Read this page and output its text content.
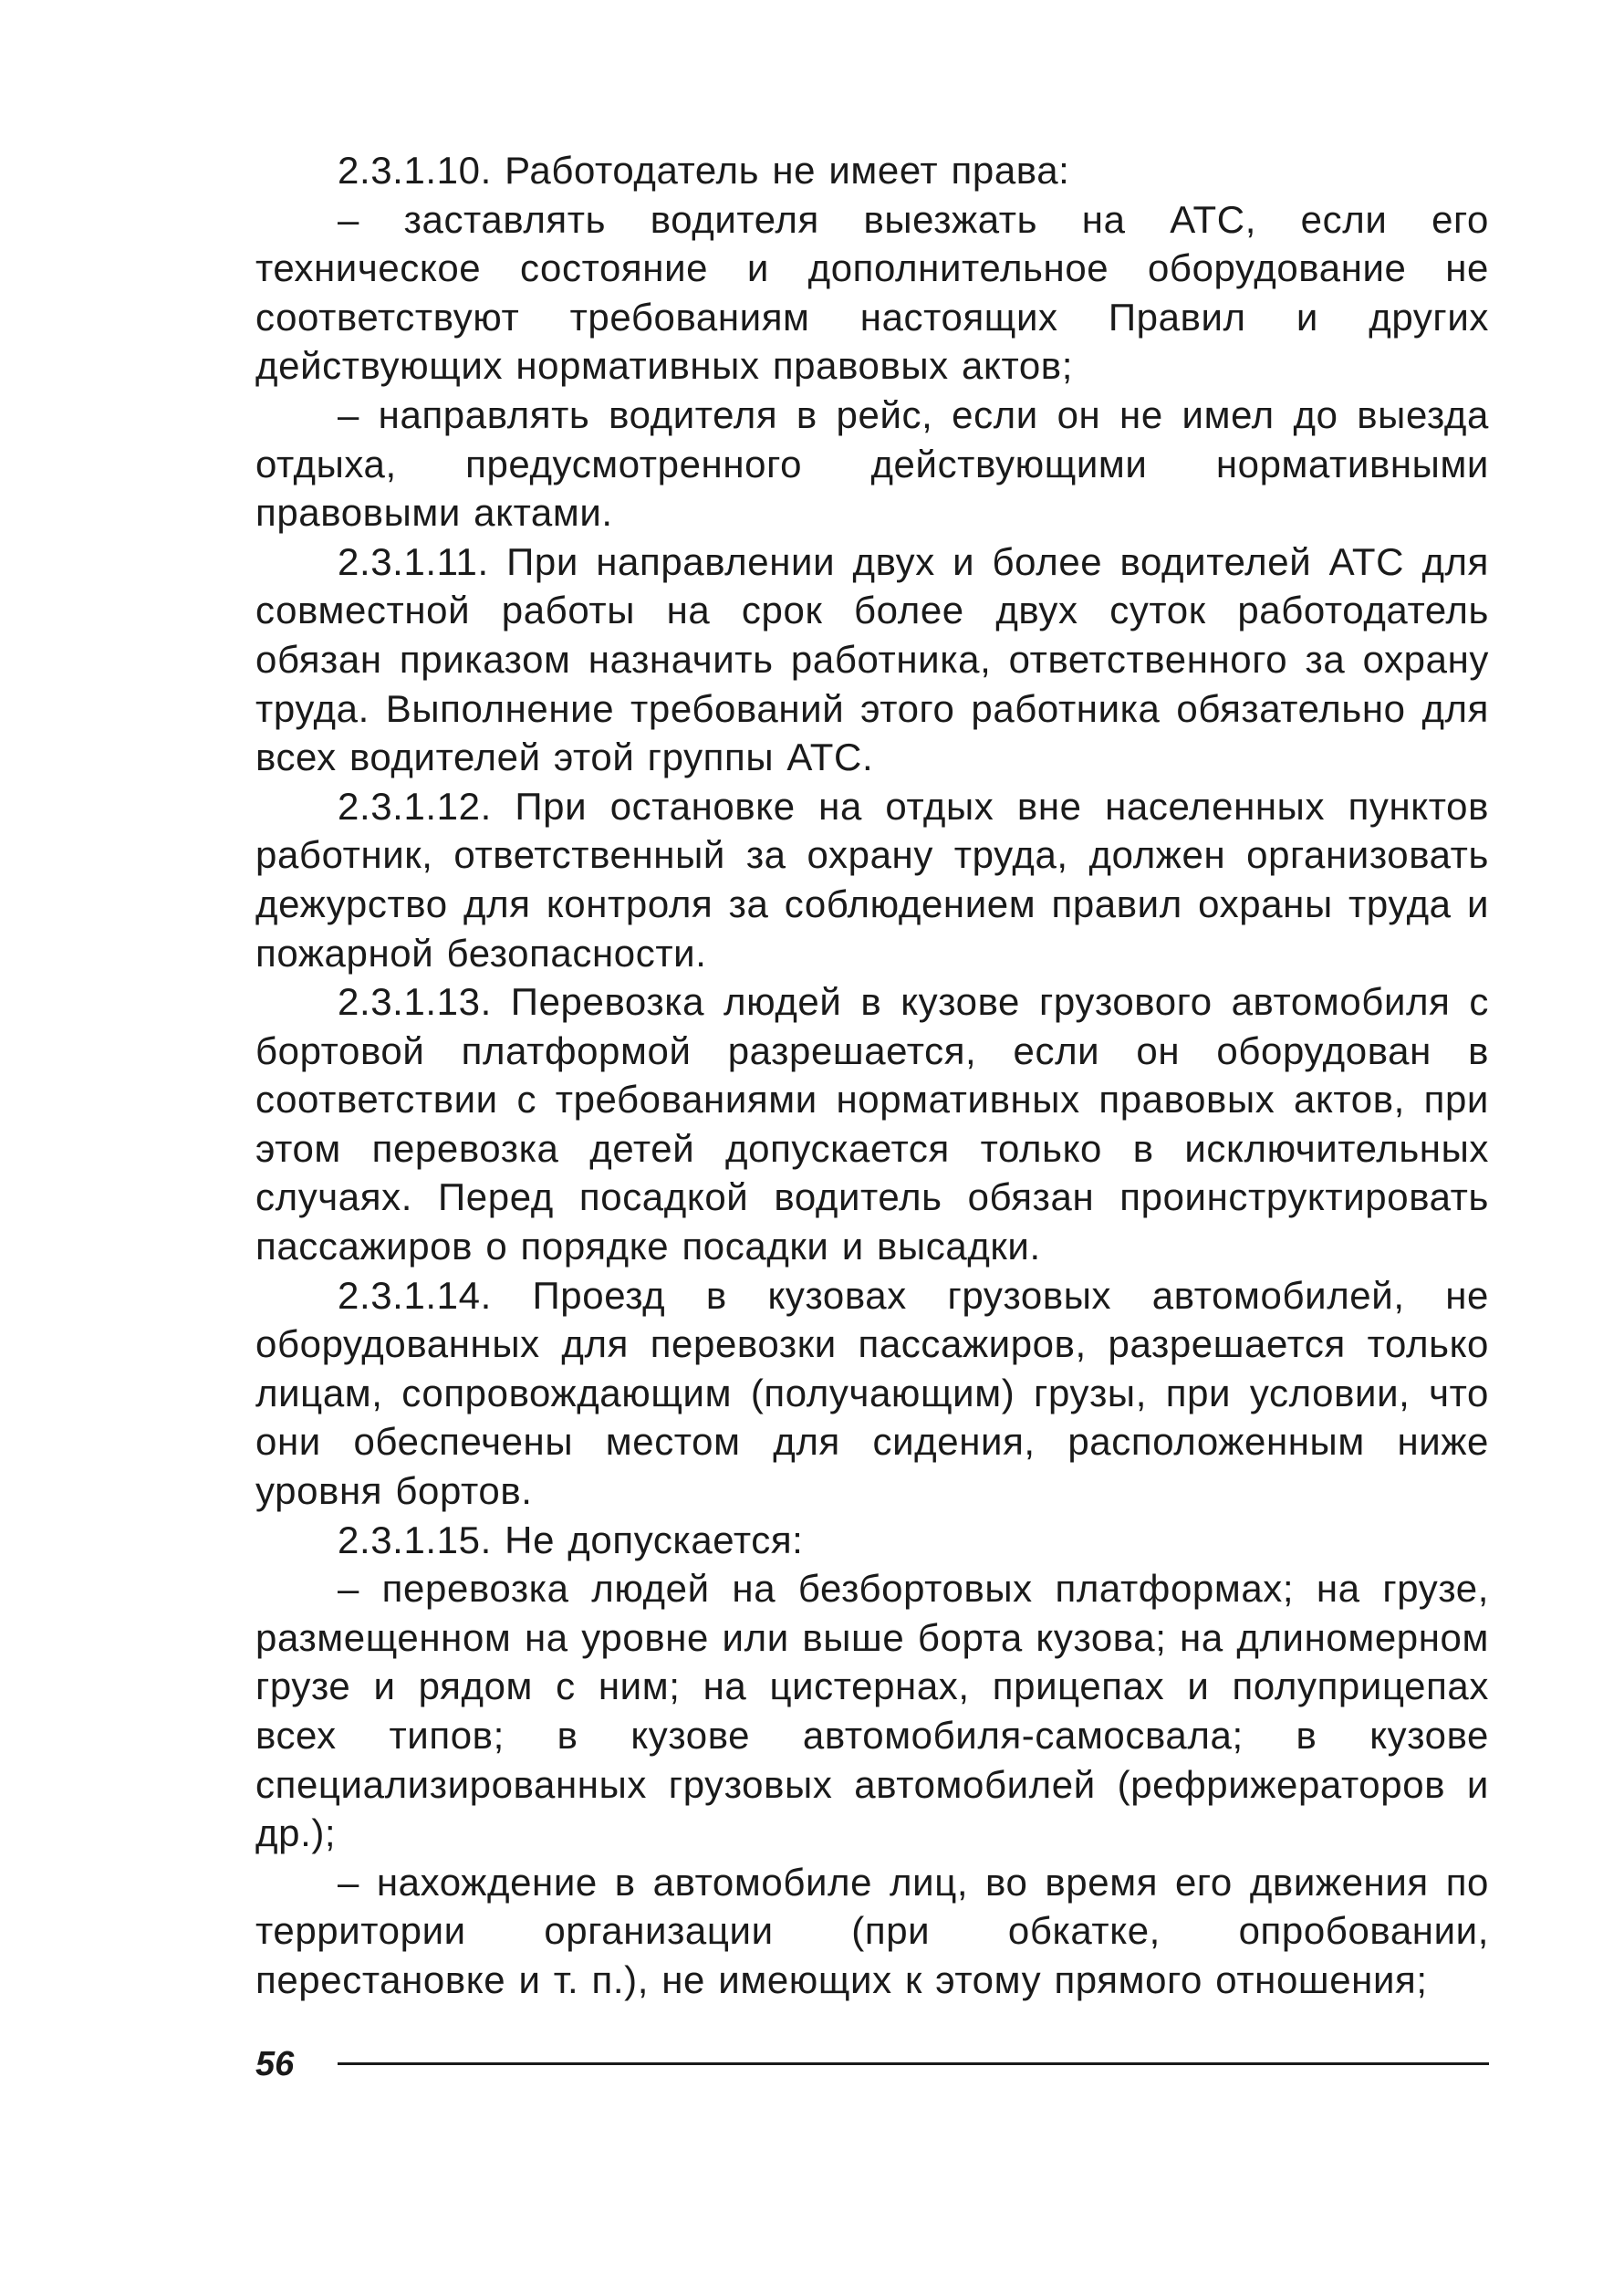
2.3.1.10. Работодатель не имеет права:

– заставлять водителя выезжать на АТС, если его техническое состояние и дополнительное оборудование не соответствуют требованиям настоящих Правил и других действующих нормативных правовых актов;

– направлять водителя в рейс, если он не имел до выезда отдыха, предусмотренного действующими нормативными правовыми актами.

2.3.1.11. При направлении двух и более водителей АТС для совместной работы на срок более двух суток работодатель обязан приказом назначить работника, ответственного за охрану труда. Выполнение требований этого работника обязательно для всех водителей этой группы АТС.

2.3.1.12. При остановке на отдых вне населенных пунктов работник, ответственный за охрану труда, должен организовать дежурство для контроля за соблюдением правил охраны труда и пожарной безопасности.

2.3.1.13. Перевозка людей в кузове грузового автомобиля с бортовой платформой разрешается, если он оборудован в соответствии с требованиями нормативных правовых актов, при этом перевозка детей допускается только в исключительных случаях. Перед посадкой водитель обязан проинструктировать пассажиров о порядке посадки и высадки.

2.3.1.14. Проезд в кузовах грузовых автомобилей, не оборудованных для перевозки пассажиров, разрешается только лицам, сопровождающим (получающим) грузы, при условии, что они обеспечены местом для сидения, расположенным ниже уровня бортов.

2.3.1.15. Не допускается:

– перевозка людей на безбортовых платформах; на грузе, размещенном на уровне или выше борта кузова; на длиномерном грузе и рядом с ним; на цистернах, прицепах и полуприцепах всех типов; в кузове автомобиля-самосвала; в кузове специализированных грузовых автомобилей (рефрижераторов и др.);

– нахождение в автомобиле лиц, во время его движения по территории организации (при обкатке, опробовании, перестановке и т. п.), не имеющих к этому прямого отношения;

56
